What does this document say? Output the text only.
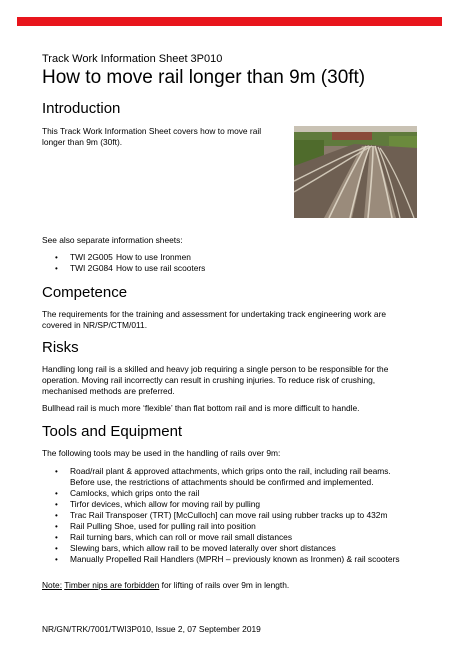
Track Work Information Sheet 3P010

How to move rail longer than 9m (30ft)
Introduction

This Track Work Information Sheet covers how to move rail

longer than 9m (30ft).

See also separate information sheets:

• TWI 2G005 How to use Ironmen
• TWI 2G084 How to use rail scooters
Competence

The requirements for the training and assessment for undertaking track engineering work are covered in NR/SP/CTM/011.

Risks

Handling long rail is a skilled and heavy job requiring a single person to be responsible for the operation. Moving rail incorrectly can result in crushing injuries. To reduce risk of crushing, mechanised methods are preferred.

Bullhead rail is much more ‘flexible’ than flat bottom rail and is more difficult to handle.

Tools and Equipment

The following tools may be used in the handling of rails over 9m:

• Road/rail plant & approved attachments, which grips onto the rail, including rail beams. Before use, the restrictions of attachments should be confirmed and implemented.
• Camlocks, which grips onto the rail
• Tirfor devices, which allow for moving rail by pulling
• Trac Rail Transposer (TRT) [McCulloch] can move rail using rubber tracks up to 432m
• Rail Pulling Shoe, used for pulling rail into position
• Rail turning bars, which can roll or move rail small distances
• Slewing bars, which allow rail to be moved laterally over short distances
• Manually Propelled Rail Handlers (MPRH – previously known as Ironmen) & rail scooters

Note: Timber nips are forbidden for lifting of rails over 9m in length.

NR/GN/TRK/7001/TWI3P010, Issue 2, 07 September 2019
